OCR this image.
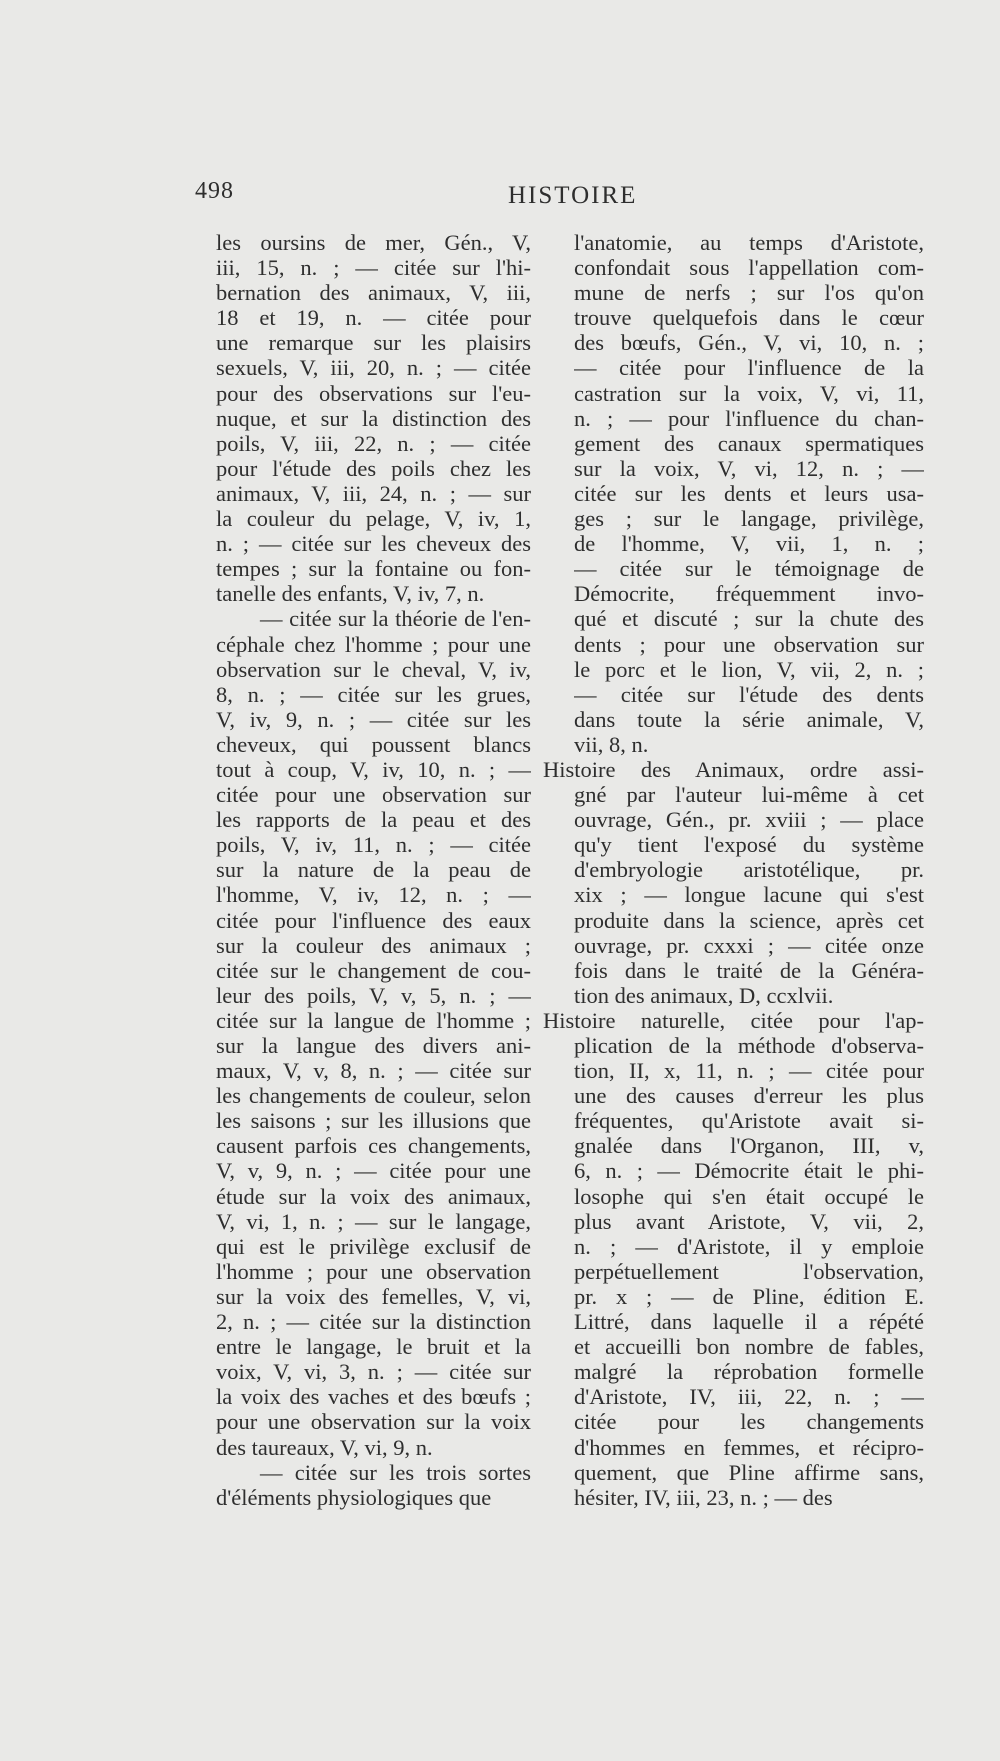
498	HISTOIRE
les oursins de mer, Gén., V,
iii, 15, n. ; — citée sur l'hi-
bernation des animaux, V, iii,
18 et 19, n. — citée pour
une remarque sur les plaisirs
sexuels, V, iii, 20, n. ; — citée
pour des observations sur l'eu-
nuque, et sur la distinction des
poils, V, iii, 22, n. ; — citée
pour l'étude des poils chez les
animaux, V, iii, 24, n. ; — sur
la couleur du pelage, V, iv, 1,
n. ; — citée sur les cheveux des
tempes ; sur la fontaine ou fon-
tanelle des enfants, V, iv, 7, n.
— citée sur la théorie de l'en-
céphale chez l'homme ; pour une
observation sur le cheval, V, iv,
8, n. ; — citée sur les grues,
V, iv, 9, n. ; — citée sur les
cheveux, qui poussent blancs
tout à coup, V, iv, 10, n. ; —
citée pour une observation sur
les rapports de la peau et des
poils, V, iv, 11, n. ; — citée
sur la nature de la peau de
l'homme, V, iv, 12, n. ; —
citée pour l'influence des eaux
sur la couleur des animaux ;
citée sur le changement de cou-
leur des poils, V, v, 5, n. ; —
citée sur la langue de l'homme ;
sur la langue des divers ani-
maux, V, v, 8, n. ; — citée sur
les changements de couleur, selon
les saisons ; sur les illusions que
causent parfois ces changements,
V, v, 9, n. ; — citée pour une
étude sur la voix des animaux,
V, vi, 1, n. ; — sur le langage,
qui est le privilège exclusif de
l'homme ; pour une observation
sur la voix des femelles, V, vi,
2, n. ; — citée sur la distinction
entre le langage, le bruit et la
voix, V, vi, 3, n. ; — citée sur
la voix des vaches et des bœufs ;
pour une observation sur la voix
des taureaux, V, vi, 9, n.
— citée sur les trois sortes
d'éléments physiologiques que
l'anatomie, au temps d'Aristote,
confondait sous l'appellation com-
mune de nerfs ; sur l'os qu'on
trouve quelquefois dans le cœur
des bœufs, Gén., V, vi, 10, n. ;
— citée pour l'influence de la
castration sur la voix, V, vi, 11,
n. ; — pour l'influence du chan-
gement des canaux spermatiques
sur la voix, V, vi, 12, n. ; —
citée sur les dents et leurs usa-
ges ; sur le langage, privilège,
de l'homme, V, vii, 1, n. ;
— citée sur le témoignage de
Démocrite, fréquemment invo-
qué et discuté ; sur la chute des
dents ; pour une observation sur
le porc et le lion, V, vii, 2, n. ;
— citée sur l'étude des dents
dans toute la série animale, V,
vii, 8, n.
Histoire des Animaux, ordre assi-
gné par l'auteur lui-même à cet
ouvrage, Gén., pr. xviii ; — place
qu'y tient l'exposé du système
d'embryologie aristotélique, pr.
xix ; — longue lacune qui s'est
produite dans la science, après cet
ouvrage, pr. cxxxi ; — citée onze
fois dans le traité de la Généra-
tion des animaux, D, ccxlvii.
Histoire naturelle, citée pour l'ap-
plication de la méthode d'observa-
tion, II, x, 11, n. ; — citée pour
une des causes d'erreur les plus
fréquentes, qu'Aristote avait si-
gnalée dans l'Organon, III, v,
6, n. ; — Démocrite était le phi-
losophe qui s'en était occupé le
plus avant Aristote, V, vii, 2,
n. ; — d'Aristote, il y emploie
perpétuellement l'observation,
pr. x ; — de Pline, édition E.
Littré, dans laquelle il a répété
et accueilli bon nombre de fables,
malgré la réprobation formelle
d'Aristote, IV, iii, 22, n. ; —
citée pour les changements
d'hommes en femmes, et récipro-
quement, que Pline affirme sans,
hésiter, IV, iii, 23, n. ; — des
